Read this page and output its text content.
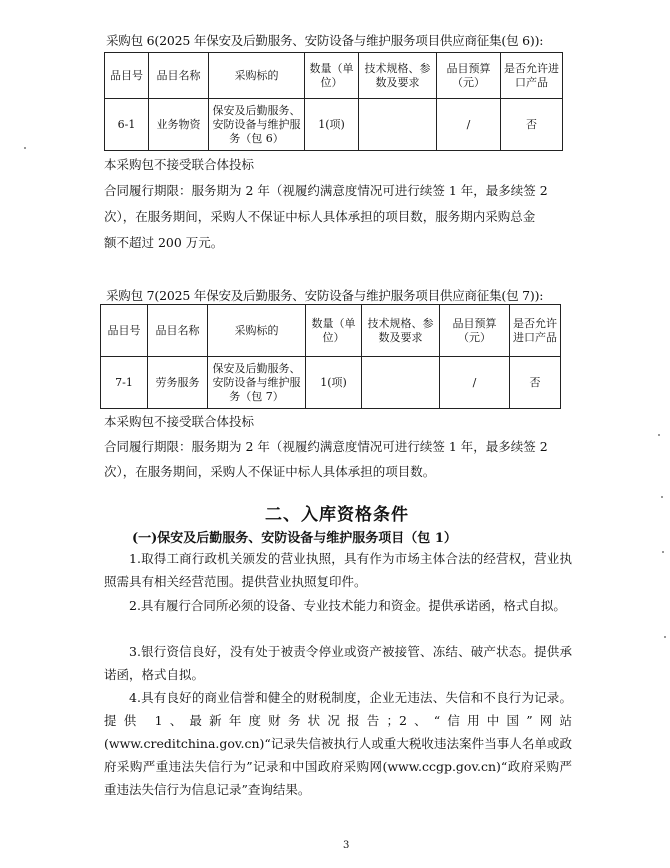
采购包 6(2025 年保安及后勤服务、安防设备与维护服务项目供应商征集(包 6)):
品目号	品目名称	采购标的	数量（单位）	技术规格、参数及要求	品目预算（元）	是否允许进口产品
6-1	业务物资	保安及后勤服务、安防设备与维护服务（包 6）	1(项)		/	否
本采购包不接受联合体投标
合同履行期限：服务期为 2 年（视履约满意度情况可进行续签 1 年，最多续签 2
次），在服务期间，采购人不保证中标人具体承担的项目数，服务期内采购总金
额不超过 200 万元。
采购包 7(2025 年保安及后勤服务、安防设备与维护服务项目供应商征集(包 7)):
品目号	品目名称	采购标的	数量（单位）	技术规格、参数及要求	品目预算（元）	是否允许进口产品
7-1	劳务服务	保安及后勤服务、安防设备与维护服务（包 7）	1(项)		/	否
本采购包不接受联合体投标
合同履行期限：服务期为 2 年（视履约满意度情况可进行续签 1 年，最多续签 2
次），在服务期间，采购人不保证中标人具体承担的项目数。
二、入库资格条件
(一)保安及后勤服务、安防设备与维护服务项目（包 1）
1.取得工商行政机关颁发的营业执照，具有作为市场主体合法的经营权，营业执照需具有相关经营范围。提供营业执照复印件。
2.具有履行合同所必须的设备、专业技术能力和资金。提供承诺函，格式自拟。
3.银行资信良好，没有处于被责令停业或资产被接管、冻结、破产状态。提供承诺函，格式自拟。
4.具有良好的商业信誉和健全的财税制度，企业无违法、失信和不良行为记录。提供 1、最新年度财务状况报告；2、“信用中国”网站(www.creditchina.gov.cn)“记录失信被执行人或重大税收违法案件当事人名单或政府采购严重违法失信行为”记录和中国政府采购网(www.ccgp.gov.cn)“政府采购严重违法失信行为信息记录”查询结果。
3
